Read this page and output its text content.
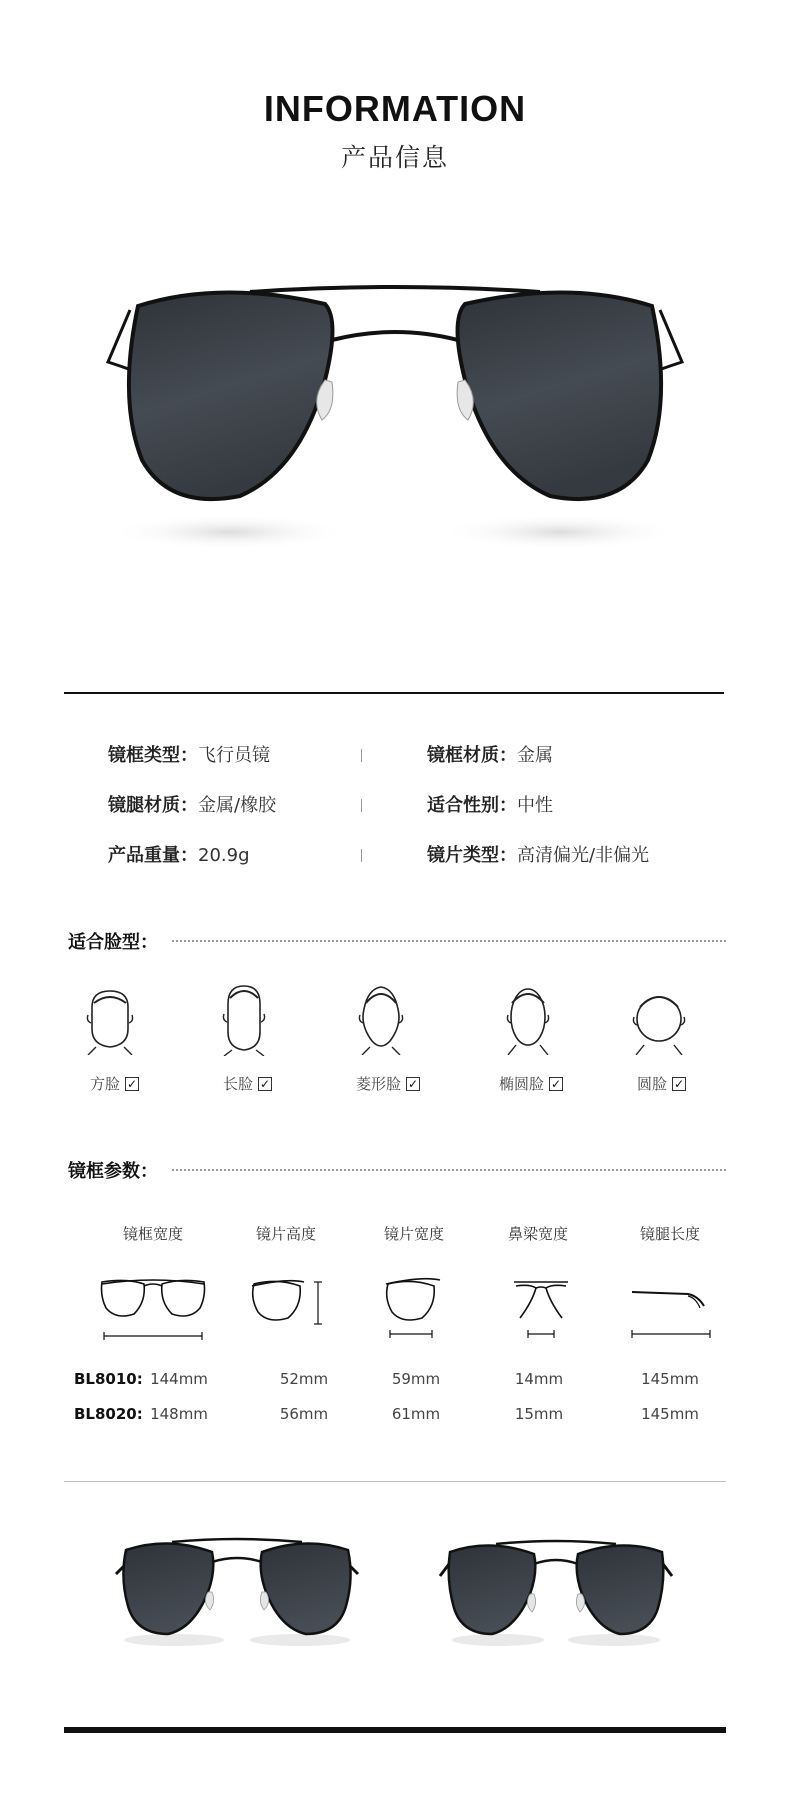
INFORMATION
产品信息
镜框类型：飞行员镜	镜框材质：金属
镜腿材质：金属/橡胶	适合性别：中性
产品重量：20.9g	镜片类型：高清偏光/非偏光
适合脸型：
方脸 ✓	长脸 ✓	菱形脸 ✓	椭圆脸 ✓	圆脸 ✓
镜框参数：
镜框宽度	镜片高度	镜片宽度	鼻梁宽度	镜腿长度
BL8010: 144mm	52mm	59mm	14mm	145mm
BL8020: 148mm	56mm	61mm	15mm	145mm
